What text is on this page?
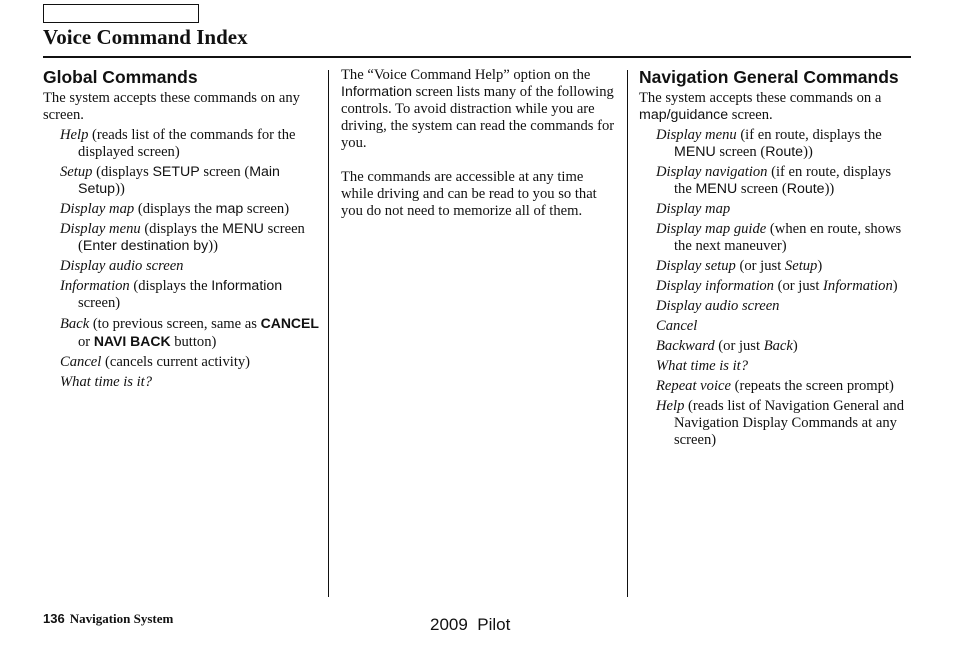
Voice Command Index
Global Commands

The system accepts these commands on any screen.

Help (reads list of the commands for the displayed screen)
Setup (displays SETUP screen (Main Setup))
Display map (displays the map screen)
Display menu (displays the MENU screen (Enter destination by))
Display audio screen
Information (displays the Information screen)
Back (to previous screen, same as CANCEL or NAVI BACK button)
Cancel (cancels current activity)
What time is it?

The “Voice Command Help” option on the Information screen lists many of the following controls. To avoid distraction while you are driving, the system can read the commands for you.

The commands are accessible at any time while driving and can be read to you so that you do not need to memorize all of them.

Navigation General Commands

The system accepts these commands on a map/guidance screen.

Display menu (if en route, displays the MENU screen (Route))
Display navigation (if en route, displays the MENU screen (Route))
Display map
Display map guide (when en route, shows the next maneuver)
Display setup (or just Setup)
Display information (or just Information)
Display audio screen
Cancel
Backward (or just Back)
What time is it?
Repeat voice (repeats the screen prompt)
Help (reads list of Navigation General and Navigation Display Commands at any screen)
136 Navigation System	2009  Pilot
